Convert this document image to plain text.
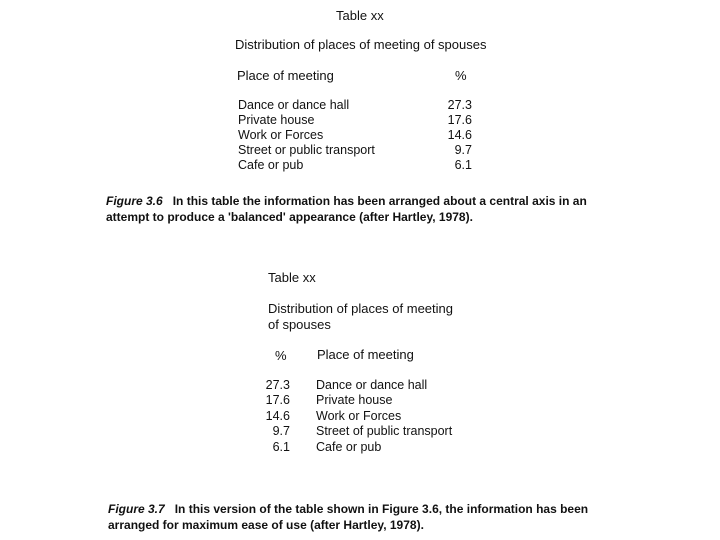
Table xx
Distribution of places of meeting of spouses
Place of meeting	%
Dance or dance hall	27.3
Private house	17.6
Work or Forces	14.6
Street or public transport	9.7
Cafe or pub	6.1
Figure 3.6 In this table the information has been arranged about a central axis in an attempt to produce a 'balanced' appearance (after Hartley, 1978).
Table xx
Distribution of places of meeting
of spouses
% Place of meeting
27.3 Dance or dance hall
17.6 Private house
14.6 Work or Forces
9.7 Street of public transport
6.1 Cafe or pub
Figure 3.7 In this version of the table shown in Figure 3.6, the information has been arranged for maximum ease of use (after Hartley, 1978).
